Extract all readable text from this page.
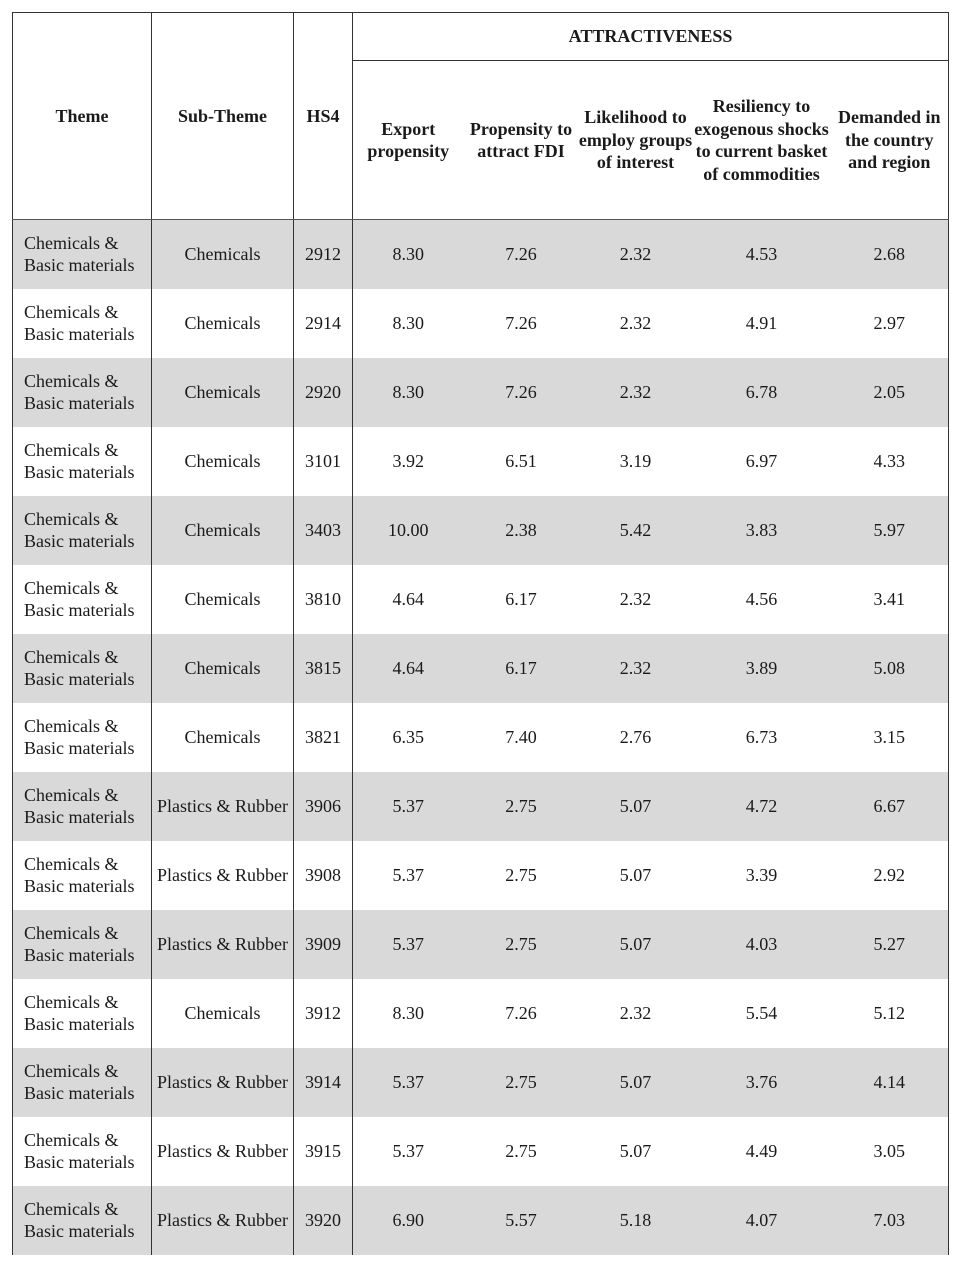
Theme	Sub-Theme	HS4	ATTRACTIVENESS				
			Export propensity	Propensity to attract FDI	Likelihood to employ groups of interest	Resiliency to exogenous shocks to current basket of commodities	Demanded in the country and region
Chemicals & Basic materials	Chemicals	2912	8.30	7.26	2.32	4.53	2.68
Chemicals & Basic materials	Chemicals	2914	8.30	7.26	2.32	4.91	2.97
Chemicals & Basic materials	Chemicals	2920	8.30	7.26	2.32	6.78	2.05
Chemicals & Basic materials	Chemicals	3101	3.92	6.51	3.19	6.97	4.33
Chemicals & Basic materials	Chemicals	3403	10.00	2.38	5.42	3.83	5.97
Chemicals & Basic materials	Chemicals	3810	4.64	6.17	2.32	4.56	3.41
Chemicals & Basic materials	Chemicals	3815	4.64	6.17	2.32	3.89	5.08
Chemicals & Basic materials	Chemicals	3821	6.35	7.40	2.76	6.73	3.15
Chemicals & Basic materials	Plastics & Rubber	3906	5.37	2.75	5.07	4.72	6.67
Chemicals & Basic materials	Plastics & Rubber	3908	5.37	2.75	5.07	3.39	2.92
Chemicals & Basic materials	Plastics & Rubber	3909	5.37	2.75	5.07	4.03	5.27
Chemicals & Basic materials	Chemicals	3912	8.30	7.26	2.32	5.54	5.12
Chemicals & Basic materials	Plastics & Rubber	3914	5.37	2.75	5.07	3.76	4.14
Chemicals & Basic materials	Plastics & Rubber	3915	5.37	2.75	5.07	4.49	3.05
Chemicals & Basic materials	Plastics & Rubber	3920	6.90	5.57	5.18	4.07	7.03
